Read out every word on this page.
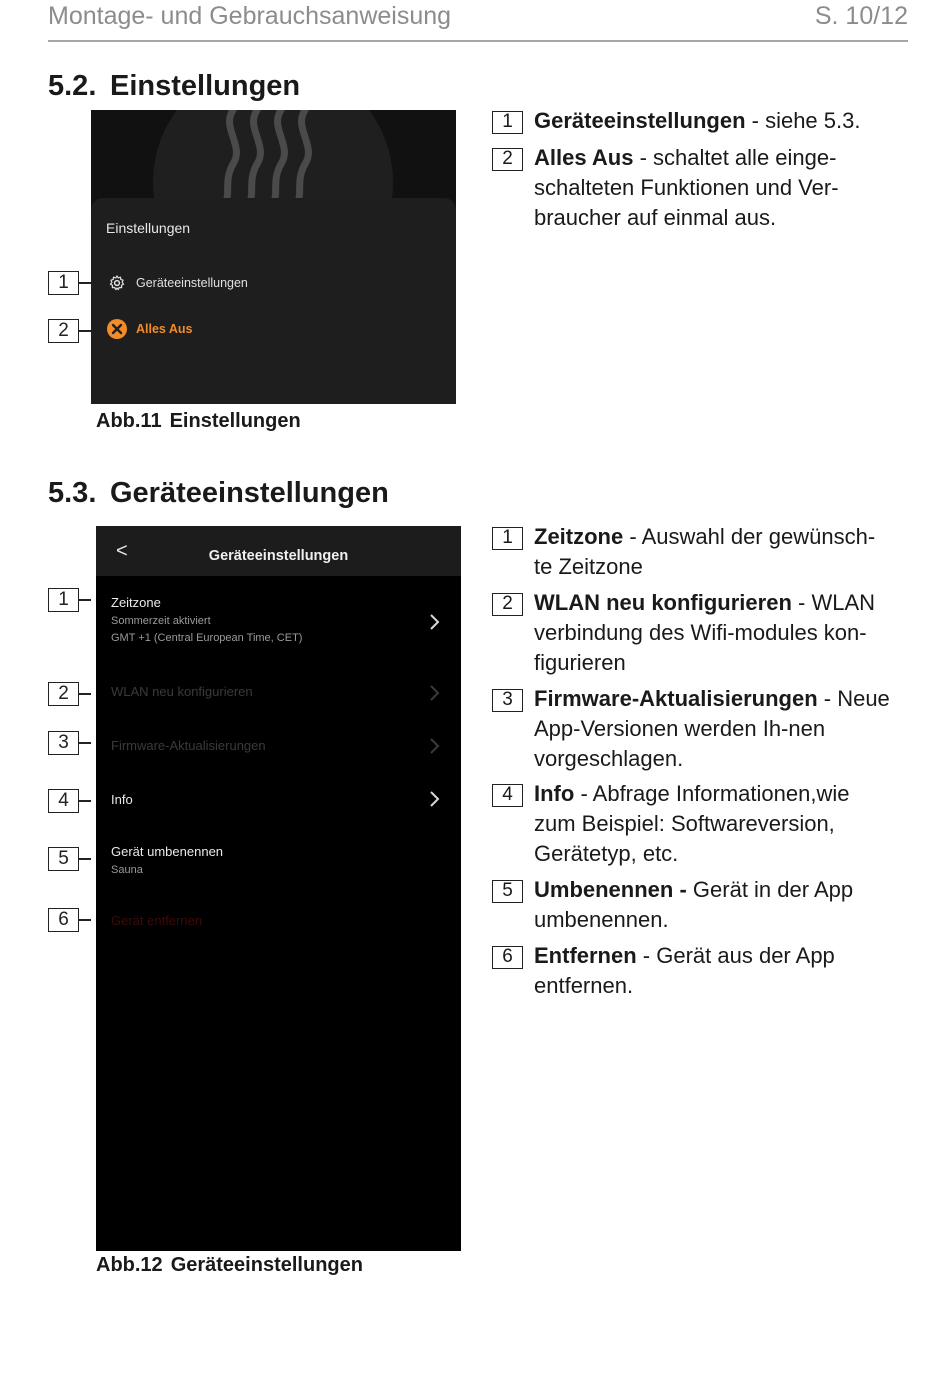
Montage- und Gebrauchsanweisung	S. 10/12
5.2. Einstellungen
Einstellungen
Geräteeinstellungen
Alles Aus
1
2
Abb.11 Einstellungen
1 Geräteeinstellungen - siehe 5.3.
2 Alles Aus - schaltet alle einge-schalteten Funktionen und Ver-braucher auf einmal aus.
5.3. Geräteeinstellungen
<	Geräteeinstellungen
Zeitzone
Sommerzeit aktiviert
GMT +1 (Central European Time, CET)
WLAN neu konfigurieren
Firmware-Aktualisierungen
Info
Gerät umbenennen
Sauna
Gerät entfernen
1
2
3
4
5
6
Abb.12 Geräteeinstellungen
1 Zeitzone - Auswahl der gewünsch-te Zeitzone
2 WLAN neu konfigurieren - WLAN verbindung des Wifi-modules kon-figurieren
3 Firmware-Aktualisierungen - Neue App-Versionen werden Ih-nen vorgeschlagen.
4 Info - Abfrage Informationen,wie zum Beispiel: Softwareversion, Gerätetyp, etc.
5 Umbenennen - Gerät in der App umbenennen.
6 Entfernen - Gerät aus der App entfernen.
